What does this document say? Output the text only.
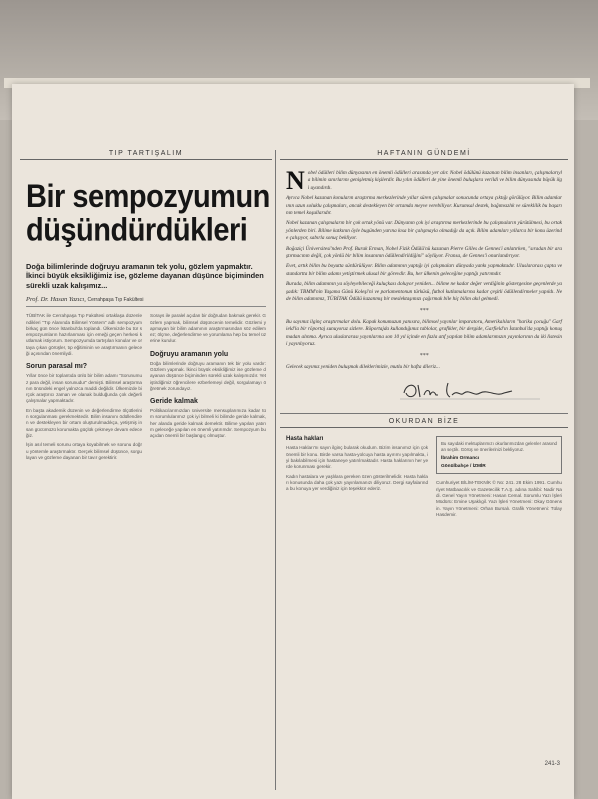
TIP TARTIŞALIM
Bir sempozyumun
düşündürdükleri
Doğa bilimlerinde doğruyu aramanın tek yolu, gözlem yapmaktır. İkinci büyük eksikliğimiz ise, gözleme dayanan düşünce biçiminden sürekli uzak kalışımız...
Prof. Dr. Hasan Yazıcı, Cerrahpaşa Tıp Fakültesi

TÜBİTAK ile Cerrahpaşa Tıp Fakültesi ortaklaşa düzenlendikleri "Tıp Alanında Bilimsel Yöntem" adlı sempozyum birkaç gün önce İstanbul'da toplandı. Ülkemizde bu tür sempozyumların hazırlanması için emeği geçen herkesi kutlamak istiyorum. Sempozyumda tartışılan konular ve ortaya çıkan görüşler, tıp eğitiminin ve araştırmanın geleceği açısından önemliydi.

Sorun parasal mı?

Yıllar önce bir toplantıda ünlü bir bilim adamı "Sorunumuz para değil, insan sorunudur" demişti. Bilimsel araştırmanın önündeki engel yalnızca maddi değildir. Ülkemizde birçok araştırıcı zaman ve olanak bulduğunda çok değerli çalışmalar yapmaktadır.

En başta akademik düzenin ve değerlendirme ölçütlerinin sorgulanması gerekmektedir. Bilim insanını ödüllendiren ve destekleyen bir ortam oluşturulmadıkça, yetişmiş insan gücümüzü korumakta güçlük çekmeye devam edeceğiz.

İşin asıl temeli sorunu ortaya koyabilmek ve sorunu doğru yöntemle araştırmaktır. Gerçek bilimsel düşünce, sorgulayan ve gözleme dayanan bir tavır gerektirir.

Sorays ile paralel açıdan bir doğrudan bakmak gerekir. Gözlem yapmak, bilimsel düşüncenin temelidir. Gözlemi yapmayan bir bilim adamının araştırmasından söz edilemez; ölçme, değerlendirme ve yorumlama hep bu temel üzerine kurulur.

Doğruyu aramanın yolu

Doğa bilimlerinde doğruyu aramanın tek bir yolu vardır: Gözlem yapmak. İkinci büyük eksikliğimiz ise gözleme dayanan düşünce biçiminden sürekli uzak kalışımızdır. Yetiştirdiğimiz öğrencilere ezberlemeyi değil, sorgulamayı öğretmek zorundayız.

Geride kalmak

Politikacılarımızdan üniversite mensuplarımıza kadar tüm sorumlularımız çok iyi bilmeli ki bilimde geride kalmak, her alanda geride kalmak demektir. Bilime yapılan yatırım geleceğe yapılan en önemli yatırımdır. Sempozyum bu açıdan önemli bir başlangıç olmuştur.

HAFTANIN GÜNDEMİ

Nobel ödülleri bilim dünyasının en önemli ödülleri arasında yer alır. Nobel ödülünü kazanan bilim insanları, çalışmalarıyla bilimin sınırlarını genişletmiş kişilerdir. Bu yılın ödülleri de yine önemli buluşlara verildi ve bilim dünyasında büyük ilgi uyandırdı.

Ayrıca Nobel kazanan konuların araştırma merkezlerinde yıllar süren çalışmalar sonucunda ortaya çıktığı görülüyor. Bilim adamlarının uzun soluklu çalışmaları, ancak destekleyen bir ortamda meyve verebiliyor. Kurumsal destek, bağımsızlık ve süreklilik bu başarının temel koşullarıdır.

Nobel kazanan çalışmaların bir çok ortak yönü var. Dünyanın çok iyi araştırma merkezlerinde bu çalışmaların yürütülmesi, bu ortak yönlerden biri. Bilime katkının öyle bugünden yarına kısa bir çalışmayla olmadığı da açık. Bilim adamları yıllarca bir konu üzerinde çalışıyor, sabırla sonuç bekliyor.

Boğaziçi Üniversitesi'nden Prof. Burak Erman, Nobel Fizik Ödülü'nü kazanan Pierre Gilles de Gennes'i anlatırken, "sıradan bir araştırmacının değil, çok yönlü bir bilim insanının ödüllendirildiğini" söylüyor. Fransa, de Gennes'i onurlandırıyor.

Evet, artık bilim bu boyutta sürdürülüyor. Bilim adamının yaptığı iyi çalışmaları dünyada yankı yapmaktadır. Uluslararası çapta ve standartta bir bilim adamı yetiştirmek ulusal bir görevdir. Bu, her ülkenin geleceğine yaptığı yatırımdır.

Burada, bilim adamının ya söyleyebileceği kuluçkası doluyor yeniden... bilime ne kadar değer verdiğinin göstergesine geçenlerde yaşadık: TBMM'nin Yaşama Günü Koleşi'ni ve parlamentonun türküsü, futbol kutlamalarına kadar çeşitli ödüllendirmeler yapıldı. Ne de bilim adamımız, TÜBİTAK Ödülü kazanmış bir meslektaşımızı çağırmak bile hiç bilim akıl gelmedi.

***

Bu sayımız ilginç araştırmalar dolu. Kapak konumuzun yanısıra, bilimsel yayınlar imparatoru, Amerikalıların "harika çocuğu" Garfield'la bir röportaj sunuyoruz sizlere. Röportajda kullandığımız tablolar, grafikler, bir dergide, Garfield'ın İstanbul'da yaptığı konuşmadan alınma. Ayrıca uluslararası yayınlarına son 10 yıl içinde en fazla atıf yapılan bilim adamlarımızın yayınlarının da iki listesini yayınlıyoruz.

***

Gelecek sayımız yeniden buluşmak dileklerimizle, mutlu bir hafta dileriz...

OKURDAN BİZE
Hasta hakları

Hasta Hakları'nı sayın ilginç bularak okudum. Bizim insanımız için çok önemli bir konu. Birde varsa hasta-yolcuya hasta ayırımı yapılmakta, iyi bakılabilmesi için hastaneye yatırılmaktadır. Hasta haklarının her yerde korunması gerekir.

Kadın hastalara ve yaşlılara gereken özen gösterilmelidir. Hasta hakları konusunda daha çok yazı yayınlamanızı diliyoruz. Dergi sayfalarında bu konuya yer verdiğiniz için teşekkür ederiz.

Bu sayıdaki mektuplarımızı okurlarımızdan gelenler arasından seçtik. Görüş ve önerilerinizi bekliyoruz.

İbrahim Ormancı
Gönülbahçe / İZMİR

Cumhuriyet BİLİM-TEKNİK © No: 241. 28 Ekim 1991. Cumhuriyet Matbaacılık ve Gazetecilik T.A.Ş. adına Sahibi: Nadir Nadi. Genel Yayın Yönetmeni: Hasan Cemal. Sorumlu Yazı İşleri Müdürü: Emine Uşaklıgil. Yazı İşleri Yönetmeni: Okay Gönensin. Yayın Yönetmeni: Orhan Bursalı. Grafik Yönetmeni: Tülay Hasdemir.

241-3
